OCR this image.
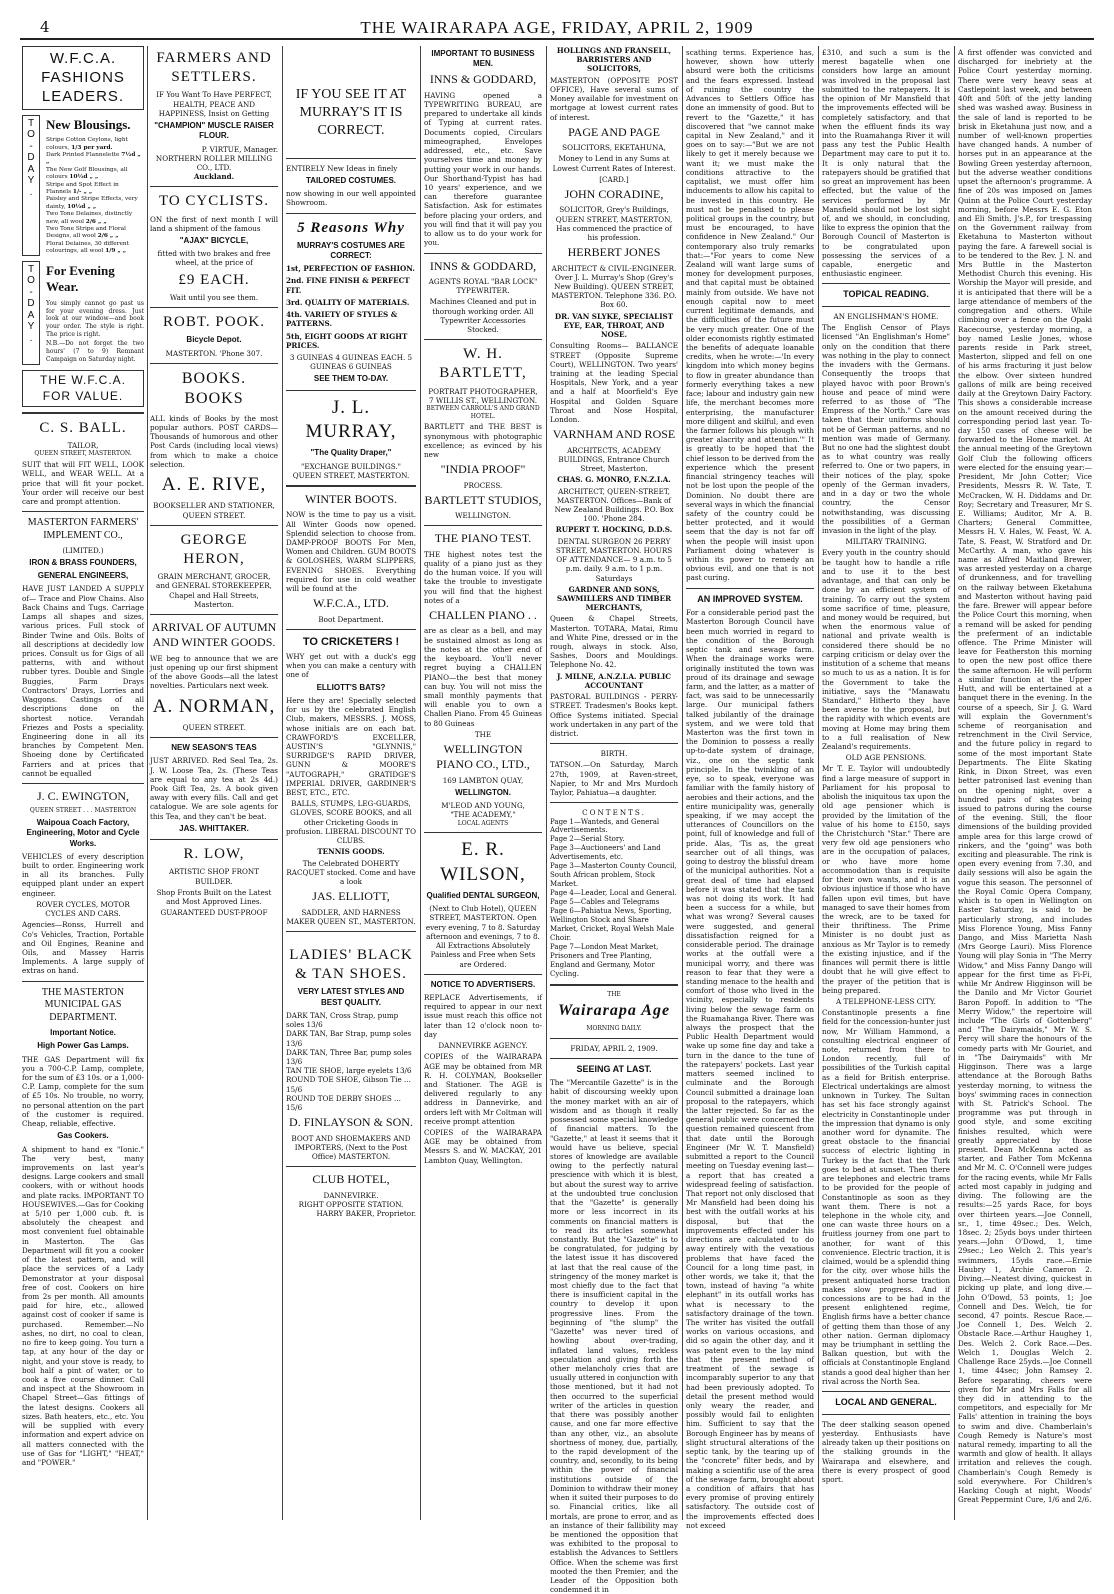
4	THE WAIRARAPA AGE, FRIDAY, APRIL 2, 1909
W.F.C.A. FASHIONS LEADERS.
T
O
-
D
A
Y
.
New Blousings.
Stripe Cotton Ceylons, light colours, 1/3 per yard.
Dark Printed Flannelette 7½d „ „
The New Golf Blousings, all colours 10½d „ „
Stripe and Spot Effect in Flannels 1/- „ „
Paisley and Stripe Effects, very dainty, 10½d „ „
Two Tone Delaines, distinctly new, all wool 2/6 „ „
Two Tone Stripe and Floral Designs, all wool 2/6 „ „
Floral Delaines, 30 different colourings, all wool 1/9 „ „
T
O
-
D
A
Y
.
For Evening Wear.

You simply cannot go past us for your evening dress. Just look at our window—and book your order. The style is right. The price is right.

N.B.—Do not forget the two hours' (7 to 9) Remnant Campaign on Saturday night.

THE W.F.C.A. FOR VALUE.
C. S. BALL.
TAILOR,
QUEEN STREET, MASTERTON.

SUIT that will FIT WELL, LOOK WELL, and WEAR WELL. At a price that will fit your pocket. Your order will receive our best care and prompt attention.

MASTERTON FARMERS' IMPLEMENT CO.,
(LIMITED.)
IRON & BRASS FOUNDERS,
GENERAL ENGINEERS,

HAVE JUST LANDED A SUPPLY of— Trace and Plow Chains. Also Back Chains and Tugs. Carriage Lamps all shapes and sizes, various prices. Full stock of Binder Twine and Oils. Bolts of all descriptions at decidedly low prices. Consult us for Gigs of all patterns, with and without rubber tyres. Double and Single Buggies, Farm Drays Contractors' Drays, Lorries and Waggons. Castings of all descriptions done on the shortest notice. Verandah Friezes and Posts a speciality. Engineering done in all its branches by Competent Men. Shoeing done by Certificated Farriers and at prices that cannot be equalled

J. C. EWINGTON,
QUEEN STREET . . . MASTERTON
Waipoua Coach Factory, Engineering, Motor and Cycle Works.

VEHICLES of every description built to order. Engineering work in all its branches. Fully equipped plant under an expert engineer.

ROVER CYCLES, MOTOR CYCLES AND CARS.

Agencies—Ronss, Hurrell and Co's Vehicles, Traction, Portable and Oil Engines, Reanine and Oils, and Massey Harris Implements. A large supply of extras on hand.

THE MASTERTON MUNICIPAL GAS DEPARTMENT.
Important Notice.
High Power Gas Lamps.

THE GAS Department will fix you a 700-C.P. Lamp, complete, for the sum of £3 10s. or a 1,000-C.P. Lamp, complete for the sum of £5 10s. No trouble, no worry, no personal attention on the part of the customer is required. Cheap, reliable, effective.

Gas Cookers.

A shipment to hand ex "Ionic." The very best, many improvements on last year's designs. Large cookers and small cookers, with or without hoods and plate racks. IMPORTANT TO HOUSEWIVES.—Gas for Cooking at 5/10 per 1,000 cub. ft. is absolutely the cheapest and most convenient fuel obtainable in Masterton. The Gas Department will fit you a cooker of the latest pattern, and will place the services of a Lady Demonstrator at your disposal free of cost. Cookers on hire from 2s per month. All amounts paid for hire, etc., allowed against cost of cooker if same is purchased. Remember.—No ashes, no dirt, no coal to clean, no fire to keep going. You turn a tap, at any hour of the day or night, and your stove is ready, to boil half a pint of water, or to cook a five course dinner. Call and inspect at the Showroom in Chapel Street—Gas fittings of the latest designs. Cookers all sizes. Bath heaters, etc., etc. You will be supplied with every information and expert advice on all matters connected with the use of Gas for "LIGHT," "HEAT," and "POWER."

FARMERS AND SETTLERS.

IF You Want To Have PERFECT, HEALTH, PEACE AND HAPPINESS, Insist on Getting

"CHAMPION" MUSCLE RAISER FLOUR.
P. VIRTUE, Manager.
NORTHERN ROLLER MILLING CO., LTD.
Auckland.
TO CYCLISTS.

ON the first of next month I will land a shipment of the famous

"AJAX" BICYCLE,

fitted with two brakes and free wheel, at the price of

£9 EACH.
Wait until you see them.
ROBT. POOK.
Bicycle Depot.
MASTERTON. 'Phone 307.
BOOKS. BOOKS

ALL kinds of Books by the most popular authors. POST CARDS—Thousands of humorous and other Post Cards (including local views) from which to make a choice selection.

A. E. RIVE,
BOOKSELLER AND STATIONER, QUEEN STREET.
GEORGE HERON,

GRAIN MERCHANT, GROCER, and GENERAL STOREKEEPER, Chapel and Hall Streets, Masterton.

ARRIVAL OF AUTUMN AND WINTER GOODS.

WE beg to announce that we are just opening up our first shipment of the above Goods—all the latest novelties. Particulars next week.

A. NORMAN,
QUEEN STREET.
NEW SEASON'S TEAS

JUST ARRIVED. Red Seal Tea, 2s. J. W. Loose Tea, 2s. (These Teas are equal to any tea at 2s 4d.) Pook Gift Tea, 2s. A book given away with every fills. Call and get catalogue. We are sole agents for this Tea, and they can't be beat.

JAS. WHITTAKER.
R. LOW,
ARTISTIC SHOP FRONT BUILDER.

Shop Fronts Built on the Latest and Most Approved Lines.

GUARANTEED DUST-PROOF
IF YOU SEE IT AT MURRAY'S IT IS CORRECT.

ENTIRELY New Ideas in finely

TAILORED COSTUMES.

now showing in our well appointed Showroom.

5 Reasons Why
MURRAY'S COSTUMES ARE CORRECT:
1st, PERFECTION OF FASHION.
2nd. FINE FINISH & PERFECT FIT.
3rd. QUALITY OF MATERIALS.
4th. VARIETY OF STYLES & PATTERNS.
5th, EIGHT GOODS AT RIGHT PRICES.

3 GUINEAS 4 GUINEAS EACH. 5 GUINEAS 6 GUINEAS

SEE THEM TO-DAY.
J. L. MURRAY,
"The Quality Draper,"
"EXCHANGE BUILDINGS." QUEEN STREET, MASTERTON.
WINTER BOOTS.

NOW is the time to pay us a visit. All Winter Goods now opened. Splendid selection to choose from. DAMP-PROOF BOOTS For Men, Women and Children. GUM BOOTS & GOLOSHES, WARM SLIPPERS, EVENING SHOES. Everything required for use in cold weather will be found at the

W.F.C.A., LTD.
Boot Department.
TO CRICKETERS !

WHY get out with a duck's egg when you can make a century with one of

ELLIOTT'S BATS?

Here they are! Specially selected for us by the celebrated English Club, makers, MESSRS. J. MOSS, whose initials are on each bat. CRAWFORD'S EXCELLER, AUSTIN'S "GLYNNIS," SURRIDGE'S RAPID DRIVER, GUNN & MOORE'S "AUTOGRAPH," GRATIDGE'S IMPERIAL DRIVER, GARDINER'S BEST, ETC., ETC.

BALLS, STUMPS, LEG-GUARDS, GLOVES, SCORE BOOKS, and all other Cricketing Goods in profusion. LIBERAL DISCOUNT TO CLUBS.

TENNIS GOODS.

The Celebrated DOHERTY RACQUET stocked. Come and have a look

JAS. ELLIOTT,
SADDLER, AND HARNESS MAKER QUEEN ST., MASTERTON.
LADIES' BLACK & TAN SHOES.
VERY LATEST STYLES AND BEST QUALITY.
DARK TAN, Cross Strap, pump soles 13/6
DARK TAN, Bar Strap, pump soles 13/6
DARK TAN, Three Bar, pump soles 13/6
TAN TIE SHOE, large eyelets 13/6
ROUND TOE SHOE, Gibson Tie ... 15/6
ROUND TOE DERBY SHOES ... 15/6
D. FINLAYSON & SON.

BOOT AND SHOEMAKERS AND IMPORTERS, (Next to the Post Office) MASTERTON.

CLUB HOTEL,
DANNEVIRKE.
RIGHT OPPOSITE STATION.
HARRY BAKER, Proprietor.
IMPORTANT TO BUSINESS MEN.
INNS & GODDARD,

HAVING opened a TYPEWRITING BUREAU, are prepared to undertake all kinds of Typing at current rates. Documents copied, Circulars mimeographed, Envelopes addressed, etc., etc. Save yourselves time and money by putting your work in our hands. Our Shorthand-Typist has had 10 years' experience, and we can therefore guarantee Satisfaction. Ask for estimates before placing your orders, and you will find that it will pay you to allow us to do your work for you.

INNS & GODDARD,
AGENTS ROYAL "BAR LOCK" TYPEWRITER.

Machines Cleaned and put in thorough working order. All Typewriter Accessories Stocked.

W. H. BARTLETT,
PORTRAIT PHOTOGRAPHER,
7 WILLIS ST., WELLINGTON.
BETWEEN CARROLL'S AND GRAND HOTEL.

BARTLETT and THE BEST is synonymous with photographic excellence; as evinced by his new

"INDIA PROOF"
PROCESS.
BARTLETT STUDIOS,
WELLINGTON.
THE PIANO TEST.

THE highest notes test the quality of a piano just as they do the human voice. If you will take the trouble to investigate you will find that the highest notes of a

CHALLEN PIANO . .

are as clear as a bell, and may be sustained almost as long as the notes at the other end of the keyboard. You'll never regret buying a CHALLEN PIANO—the best that money can buy. You will not miss the small monthly payments that will enable you to own a Challen Piano. From 45 Guineas to 80 Guineas

THE
WELLINGTON PIANO CO., LTD.,
169 LAMBTON QUAY,
WELLINGTON.
M'LEOD AND YOUNG,
"THE ACADEMY,"
LOCAL AGENTS
E. R. WILSON,
Qualified DENTAL SURGEON,

(Next to Club Hotel), QUEEN STREET, MASTERTON. Open every evening, 7 to 8. Saturday afternoon and evenings, 7 to 8. All Extractions Absolutely Painless and Free when Sets are Ordered.

NOTICE TO ADVERTISERS.

REPLACE Advertisements, if required to appear in our next issue must reach this office not later than 12 o'clock noon to-day

DANNEVIRKE AGENCY.

COPIES of the WAIRARAPA AGE may be obtained from MR R. H. COLYMAN, Bookseller and Stationer. The AGE is delivered regularly to any address in Dannevirke, and orders left with Mr Coltman will receive prompt attention

COPIES of the WAIRARAPA AGE may be obtained from Messrs S. and W. MACKAY, 201 Lambton Quay, Wellington.

HOLLINGS AND FRANSELL, BARRISTERS AND SOLICITORS,

MASTERTON (OPPOSITE POST OFFICE), Have several sums of Money available for investment on mortgage at lowest current rates of interest.

PAGE AND PAGE
SOLICITORS, EKETAHUNA,

Money to Lend in any Sums at Lowest Current Rates of Interest.

[CARD.]
JOHN CORADINE,

SOLICITOR, Grey's Buildings, QUEEN STREET, MASTERTON, Has commenced the practice of his profession.

HERBERT JONES

ARCHITECT & CIVIL-ENGINEER. Over J. L. Murray's Shop (Grey's New Building). QUEEN STREET, MASTERTON. Telephone 336. P.O. Box 60.

DR. VAN SLYKE, SPECIALIST EYE, EAR, THROAT, AND NOSE.

Consulting Rooms— BALLANCE STREET (Opposite Supreme Court), WELLINGTON. Two years' training at the leading Special Hospitals, New York, and a year and a half at Moorfield's Eye Hospital and Golden Square Throat and Nose Hospital, London.

VARNHAM AND ROSE

ARCHITECTS, ACADEMY BUILDINGS, Entrance Church Street, Masterton.

CHAS. G. MONRO, F.N.Z.I.A.

ARCHITECT, QUEEN-STREET, MASTERTON. Offices—Bank of New Zealand Buildings. P.O. Box 100. 'Phone 284.

RUPERT T. HOCKING, D.D.S.

DENTAL SURGEON 26 PERRY STREET, MASTERTON. HOURS OF ATTENDANCE— 9 a.m. to 5 p.m. daily. 9 a.m. to 1 p.m. Saturdays

GARDNER AND SONS, SAWMILLERS AND TIMBER MERCHANTS,

Queen & Chapel Streets, Masterton. TOTARA, Matai, Rimu and White Pine, dressed or in the rough, always in stock. Also, Sashes, Doors and Mouldings. Telephone No. 42.

J. MILNE, A.N.Z.I.A. PUBLIC ACCOUNTANT

PASTORAL BUILDINGS - PERRY-STREET. Tradesmen's Books kept. Office Systems initiated. Special work undertaken in any part of the district.

BIRTH.

TATSON.—On Saturday, March 27th, 1909, at Raven-street, Napier, to Mr and Mrs Murdoch Taylor, Pahiatua—a daughter.

CONTENTS.
Page 1—Wanteds, and General Advertisements.
Page 2—Serial Story.
Page 3—Auctioneers' and Land Advertisements, etc.
Page 3—Masterton County Council, South African problem, Stock Market.
Page 4—Leader, Local and General.
Page 5—Cables and Telegrams
Page 6—Pahiatua News, Sporting, Wellington Stock and Share Market, Cricket, Royal Welsh Male Choir.
Page 7—London Meat Market, Prisoners and Tree Planting, England and Germany, Motor Cycling.
THE
Wairarapa Age
MORNING DAILY.
FRIDAY, APRIL 2, 1909.
SEEING AT LAST.

The "Mercantile Gazette" is in the habit of discoursing weekly upon the money market with an air of wisdom and as though it really possessed some special knowledge of financial matters. To the "Gazette," at least it seems that it would have us believe, special stores of knowledge are available owing to the perfectly natural prescience with which it is blest, but about the surest way to arrive at the undoubted true conclusion that the "Gazette" is generally more or less incorrect in its comments on financial matters is to read its articles somewhat constantly. But the "Gazette" is to be congratulated, for judging by the latest issue it has discovered at last that the real cause of the stringency of the money market is most chiefly due to the fact that there is insufficient capital in the country to develop it upon progressive lines. From the beginning of "the slump" the "Gazette" was never tired of howling about over-trading, inflated land values, reckless speculation and giving forth the other melancholy cries that are usually uttered in conjunction with those mentioned, but it had not then occurred to the superficial writer of the articles in question that there was possibly another cause, and one far more effective than any other, viz., an absolute shortness of money, due, partially, to the rapid development of the country, and, secondly, to its being within the power of financial institutions outside of the Dominion to withdraw their money when it suited their purposes to do so. Financial critics, like all mortals, are prone to error, and as an instance of their fallibility may be mentioned the opposition that was exhibited to the proposal to establish the Advances to Settlers Office. When the scheme was first mooted the then Premier, and the Leader of the Opposition both condemned it in

scathing terms. Experience has, however, shown how utterly absurd were both the criticisms and the fears expressed. Instead of ruining the country the Advances to Settlers Office has done an immensity of good. But to revert to the "Gazette," it has discovered that "we cannot make capital in New Zealand," and it goes on to say:—"But we are not likely to get it merely because we want it; we must make the conditions attractive to the capitalist, we must offer him inducements to allow his capital to be invested in this country. He must not be penalised to please political groups in the country, but must be encouraged, to have confidence in New Zealand." Our contemporary also truly remarks that:—"For years to come New Zealand will want large sums of money for development purposes, and that capital must be obtained mainly from outside. We have not enough capital now to meet current legitimate demands, and the difficulties of the future must be very much greater. One of the older economists rightly estimated the benefits of adequate loanable credits, when he wrote:—'In every kingdom into which money begins to flow in greater abundance than formerly everything takes a new face; labour and industry gain new life, the merchant becomes more enterprising, the manufacturer more diligent and skilful, and even the farmer follows his plough with greater alacrity and attention.'" It is greatly to be hoped that the chief lesson to be derived from the experience which the present financial stringency teaches will not be lost upon the people of the Dominion. No doubt there are several ways in which the financial safety of the country could be better protected, and it would seem that the day is not far off when the people will insist upon Parliament doing whatever is within its power to remedy an obvious evil, and one that is not past curing.

AN IMPROVED SYSTEM.

For a considerable period past the Masterton Borough Council have been much worried in regard to the condition of the Borough septic tank and sewage farm. When the drainage works were originally instituted the town was proud of its drainage and sewage farm, and the latter, as a matter of fact, was said to be unnecessarily large. Our municipal fathers talked jubilantly of the drainage system, and we were told that Masterton was the first town in the Dominion to possess a really up-to-date system of drainage, viz., one on the septic tank principle. In the twinkling of an eye, so to speak, everyone was familiar with the family history of aerobies and their actions, and the entire municipality was, generally speaking, if we may accept the utterances of Councillors on the point, full of knowledge and full of pride. Alas, 'Tis as, the great searcher out of all things, was going to destroy the blissful dream of the municipal authorities. Not a great deal of time had elapsed before it was stated that the tank was not doing its work. It had been a success for a while, but what was wrong? Several causes were suggested, and general dissatisfaction reigned for a considerable period. The drainage works at the outfall were a municipal worry, and there was reason to fear that they were a standing menace to the health and comfort of those who lived in the vicinity, especially to residents living below the sewage farm on the Ruamahanga River. There was always the prospect that the Public Health Department would wake up some fine day and take a turn in the dance to the tune of the ratepayers' pockets. Last year matters seemed inclined to culminate and the Borough Council submitted a drainage loan proposal to the ratepayers, which the latter rejected. So far as the general public were concerned the question remained quiescent from that date until the Borough Engineer (Mr W. T. Mansfield) submitted a report to the Council meeting on Tuesday evening last—a report that has created a widespread feeling of satisfaction. That report not only disclosed that Mr Mansfield had been doing his best with the outfall works at his disposal, but that the improvements effected under his directions are calculated to do away entirely with the vexatious problems that have faced the Council for a long time past, in other words, we take it, that the town, instead of having "a white elephant" in its outfall works has what is necessary to the satisfactory drainage of the town. The writer has visited the outfall works on various occasions, and did so again the other day, and it was patent even to the lay mind that the present method of treatment of the sewage is incomparably superior to any that had been previously adopted. To detail the present method would only weary the reader, and possibly would fail to enlighten him. Sufficient to say that the Borough Engineer has by means of slight structural alterations of the septic tank, by the tearing up of the "concrete" filter beds, and by making a scientific use of the area of the sewage farm, brought about a condition of affairs that has every promise of proving entirely satisfactory. The outside cost of the improvements effected does not exceed

£310, and such a sum is the merest bagatelle when one considers how large an amount was involved in the proposal last submitted to the ratepayers. It is the opinion of Mr Mansfield that the improvements effected will be completely satisfactory, and that when the effluent finds its way into the Ruamahanga River it will pass any test the Public Health Department may care to put it to. It is only natural that the ratepayers should be gratified that so great an improvement has been effected, but the value of the services performed by Mr Mansfield should not be lost sight of, and we should, in concluding, like to express the opinion that the Borough Council of Masterton is to be congratulated upon possessing the services of a capable, energetic and enthusiastic engineer.

TOPICAL READING.
AN ENGLISHMAN'S HOME.

The English Censor of Plays licensed "An Englishman's Home" only on the condition that there was nothing in the play to connect the invaders with the Germans. Consequently the troops that played havoc with poor Brown's house and peace of mind were referred to as those of "The Empress of the North." Care was taken that their uniforms should not be of German patterns, and no mention was made of Germany. But no one had the slightest doubt as to what country was really referred to. One or two papers, in their notices of the play, spoke openly of the German invaders, and in a day or two the whole country, the Censor notwithstanding, was discussing the possibilities of a German invasion in the light of the play.

MILITARY TRAINING.

Every youth in the country should be taught how to handle a rifle and to use it to the best advantage, and that can only be done by an efficient system of training. To carry out the system some sacrifice of time, pleasure, and money would be required, but when the enormous value of national and private wealth is considered there should be no carping criticism or delay over the institution of a scheme that means so much to us as a nation. It is for the Government to take the initiative, says the "Manawatu Standard," Hitherto they have been averse to the proposal, but the rapidity with which events are moving at Home may bring them to a full realisation of New Zealand's requirements.

OLD AGE PENSIONS.

Mr T. E. Taylor will undoubtedly find a large measure of support in Parliament for his proposal to abolish the iniquitous tax upon the old age pensioner which is provided by the limitation of the value of his home to £150, says the Christchurch "Star." There are very few old age pensioners who are in the occupation of palaces, or who have more home accommodation than is requisite for their own wants, and it is an obvious injustice if those who have fallen upon evil times, but have managed to save their homes from the wreck, are to be taxed for their thriftiness. The Prime Minister is no doubt just as anxious as Mr Taylor is to remedy the existing injustice, and if the finances will permit there is little doubt that he will give effect to the prayer of the petition that is being prepared.

A TELEPHONE-LESS CITY.

Constantinople presents a fine field for the concession-hunter just now, Mr William Hammond, a consulting electrical engineer of note, returned from there to London recently, full of possibilities of the Turkish capital as a field for British enterprise. Electrical undertakings are almost unknown in Turkey. The Sultan has set his face strongly against electricity in Constantinople under the impression that dynamo is only another word for dynamite. The great obstacle to the financial success of electric lighting in Turkey is the fact that the Turk goes to bed at sunset. Then there are telephones and electric trams to be provided for the people of Constantinople as soon as they want them. There is not a telephone in the whole city, and one can waste three hours on a fruitless journey from one part to another, for want of this convenience. Electric traction, it is claimed, would be a splendid thing for the city, over whose hills the present antiquated horse traction makes slow progress. And if concessions are to be had in the present enlightened regime, English firms have a better chance of getting them than those of any other nation. German diplomacy may be triumphant in settling the Balkan question, but with the officials at Constantinople England stands a good deal higher than her rival across the North Sea.

LOCAL AND GENERAL.

The deer stalking season opened yesterday. Enthusiasts have already taken up their positions on the stalking grounds in the Wairarapa and elsewhere, and there is every prospect of good sport.

A first offender was convicted and discharged for inebriety at the Police Court yesterday morning. There were very heavy seas at Castlepoint last week, and between 40ft and 50ft of the jetty landing shed was washed away. Business in the sale of land is reported to be brisk in Eketahuna just now, and a number of well-known properties have changed hands. A number of horses put in an appearance at the Bowling Green yesterday afternoon, but the adverse weather conditions upset the afternoon's programme. A fine of 20s was imposed on James Quinn at the Police Court yesterday morning, before Messrs E. G. Eton and Eli Smith, J's.P., for trespassing on the Government railway from Eketahuna to Masterton without paying the fare. A farewell social is to be tendered to the Rev. J. N. and Mrs Buttle in the Masterton Methodist Church this evening. His Worship the Mayor will preside, and it is anticipated that there will be a large attendance of members of the congregation and others. While climbing over a fence on the Opaki Racecourse, yesterday morning, a boy named Leslie Jones, whose parents reside in Park street, Masterton, slipped and fell on one of his arms fracturing it just below the elbow. Over sixteen hundred gallons of milk are being received daily at the Greytown Dairy Factory. This shows a considerable increase on the amount received during the corresponding period last year. To-day 150 cases of cheese will be forwarded to the Home market. At the annual meeting of the Greytown Golf Club the following officers were elected for the ensuing year:—President, Mr John Cotter; Vice Presidents, Messrs R. W. Tate, T. McCracken, W. H. Diddams and Dr. Roy; Secretary and Treasurer, Mr S. E. Williams; Auditor, Mr A. B. Charters; General Committee, Messrs H. V. Hales, W. Feast, W. A. Tate, S. Feast, W. Stratford and Dr. McCarthy. A man, who gave his name as Alfred Maitland Brewer, was arrested yesterday on a charge of drunkenness, and for travelling on the railway between Eketahuna and Masterton without having paid the fare. Brewer will appear before the Police Court this morning, when a remand will be asked for pending the preferment of an indictable offence. The Prime Minister will leave for Featherston this morning to open the new post office there the same afternoon. He will perform a similar function at the Upper Hutt, and will be entertained at a banquet there in the evening. In the course of a speech, Sir J. G. Ward will explain the Government's scheme of reorganisation and retrenchment in the Civil Service, and the future policy in regard to some of the most important State Departments. The Elite Skating Rink, in Dixon Street, was even better patronised last evening than on the opening night, over a hundred pairs of skates being issued to patrons during the course of the evening. Still, the floor dimensions of the building provided ample area for this large crowd of rinkers, and the "going" was both exciting and pleasurable. The rink is open every evening from 7.30, and daily sessions will also be again the vogue this season. The personnel of the Royal Comic Opera Company, which is to open in Wellington on Easter Saturday, is said to be particularly strong, and includes Miss Florence Young, Miss Fanny Dango, and Miss Marietta Nash (Mrs George Lauri). Miss Florence Young will play Sonia in "The Merry Widow," and Miss Fanny Dango will appear for the first time as Fi-Fi, while Mr Andrew Higginson will be the Danilo and Mr Victor Gouriet Baron Popoff. In addition to "The Merry Widow," the repertoire will include "The Girls of Gottenberg" and "The Dairymaids," Mr W. S. Percy will share the honours of the comedy parts with Mr Gouriet, and in "The Dairymaids" with Mr Higginson. There was a large attendance at the Borough Baths yesterday morning, to witness the boys' swimming races in connection with St. Patrick's School. The programme was put through in good style, and some exciting finishes resulted, which were greatly appreciated by those present. Dean McKenna acted as starter, and Father Tom McKenna and Mr M. C. O'Connell were judges for the racing events, while Mr Falls acted most capably in judging and diving. The following are the results:—25 yards Race, for boys over thirteen years.—Joe Connell, sr., 1, time 49sec.; Des. Welch, 18sec. 2; 25yds boys under thirteen years.—John O'Dowd, 1, time 29sec.; Leo Welch 2. This year's swimmers, 15yds race.—Ernie Haubry 1, Archie Cameron 2. Diving.—Neatest diving, quickest in picking up plate, and long dive.—John O'Dowd, 53 points, 1; Joe Connell and Des. Welch, tie for second, 47 points. Rescue Race.—Joe Connell 1, Des. Welch 2. Obstacle Race.—Arthur Haughey 1, Des. Welch 2. Cork Race.—Des. Welch 1, Douglas Welch 2. Challenge Race 25yds.—Joe Connell 1, time 44sec; John Ramsey 2. Before separating, cheers were given for Mr and Mrs Falls for all they did in attending to the competitors, and especially for Mr Falls' attention in training the boys to swim and dive. Chamberlain's Cough Remedy is Nature's most natural remedy, imparting to all the warmth and glow of health. It allays irritation and relieves the cough. Chamberlain's Cough Remedy is sold everywhere. For Children's Hacking Cough at night, Woods' Great Peppermint Cure, 1/6 and 2/6.
